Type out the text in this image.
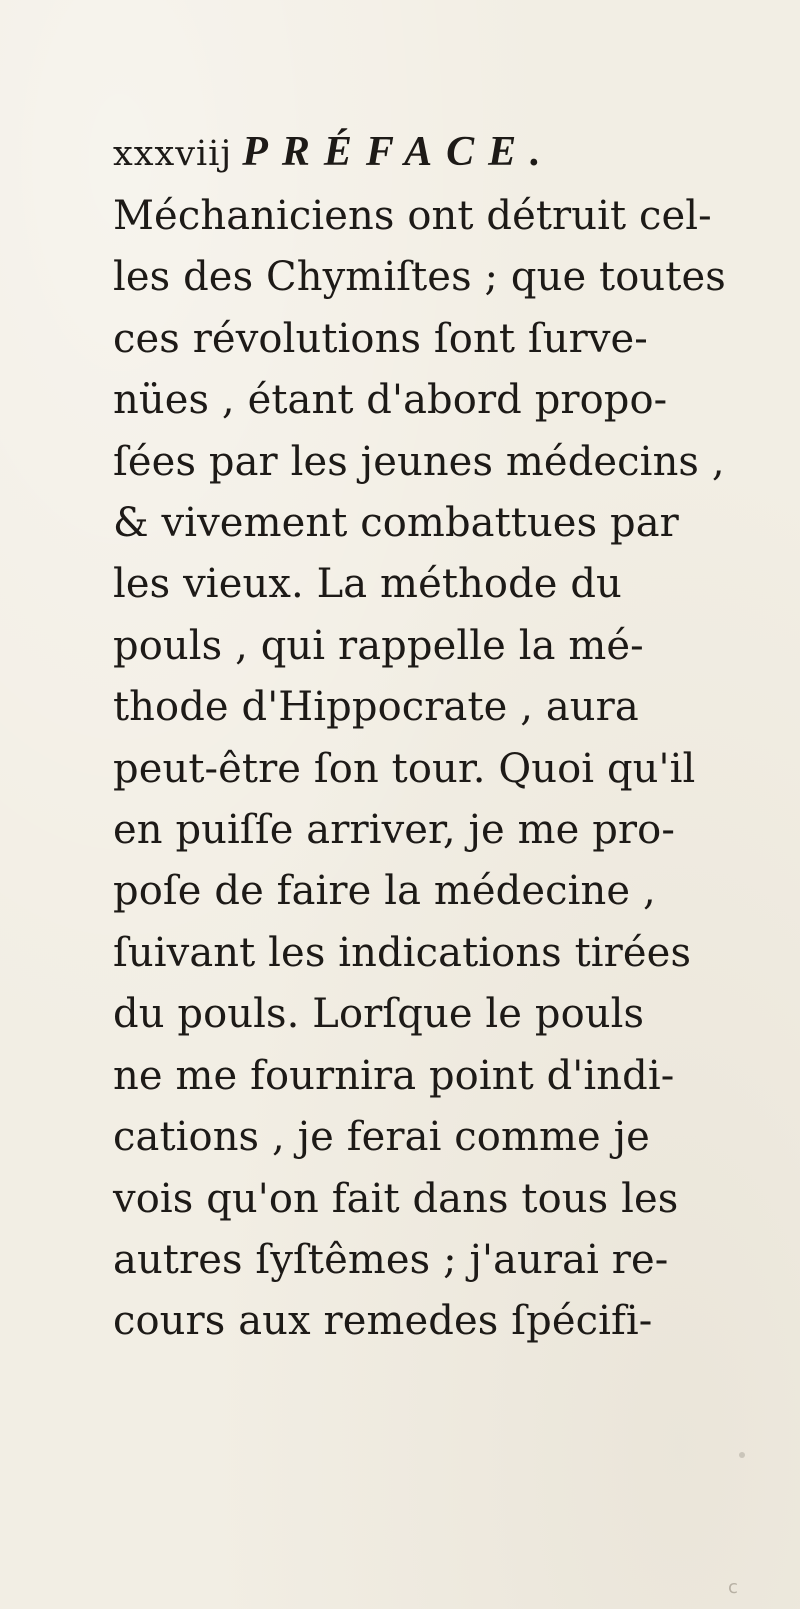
xxxviij PRÉFACE.
Méchaniciens ont détruit cel-
les des Chymiſtes ; que toutes
ces révolutions ſont ſurve-
nües , étant d'abord propo-
ſées par les jeunes médecins ,
& vivement combattues par
les vieux. La méthode du
pouls , qui rappelle la mé-
thode d'Hippocrate , aura
peut-être ſon tour. Quoi qu'il
en puiſſe arriver, je me pro-
poſe de faire la médecine ,
ſuivant les indications tirées
du pouls. Lorſque le pouls
ne me fournira point d'indi-
cations , je ferai comme je
vois qu'on fait dans tous les
autres ſyſtêmes ; j'aurai re-
cours aux remedes ſpécifi-
c
